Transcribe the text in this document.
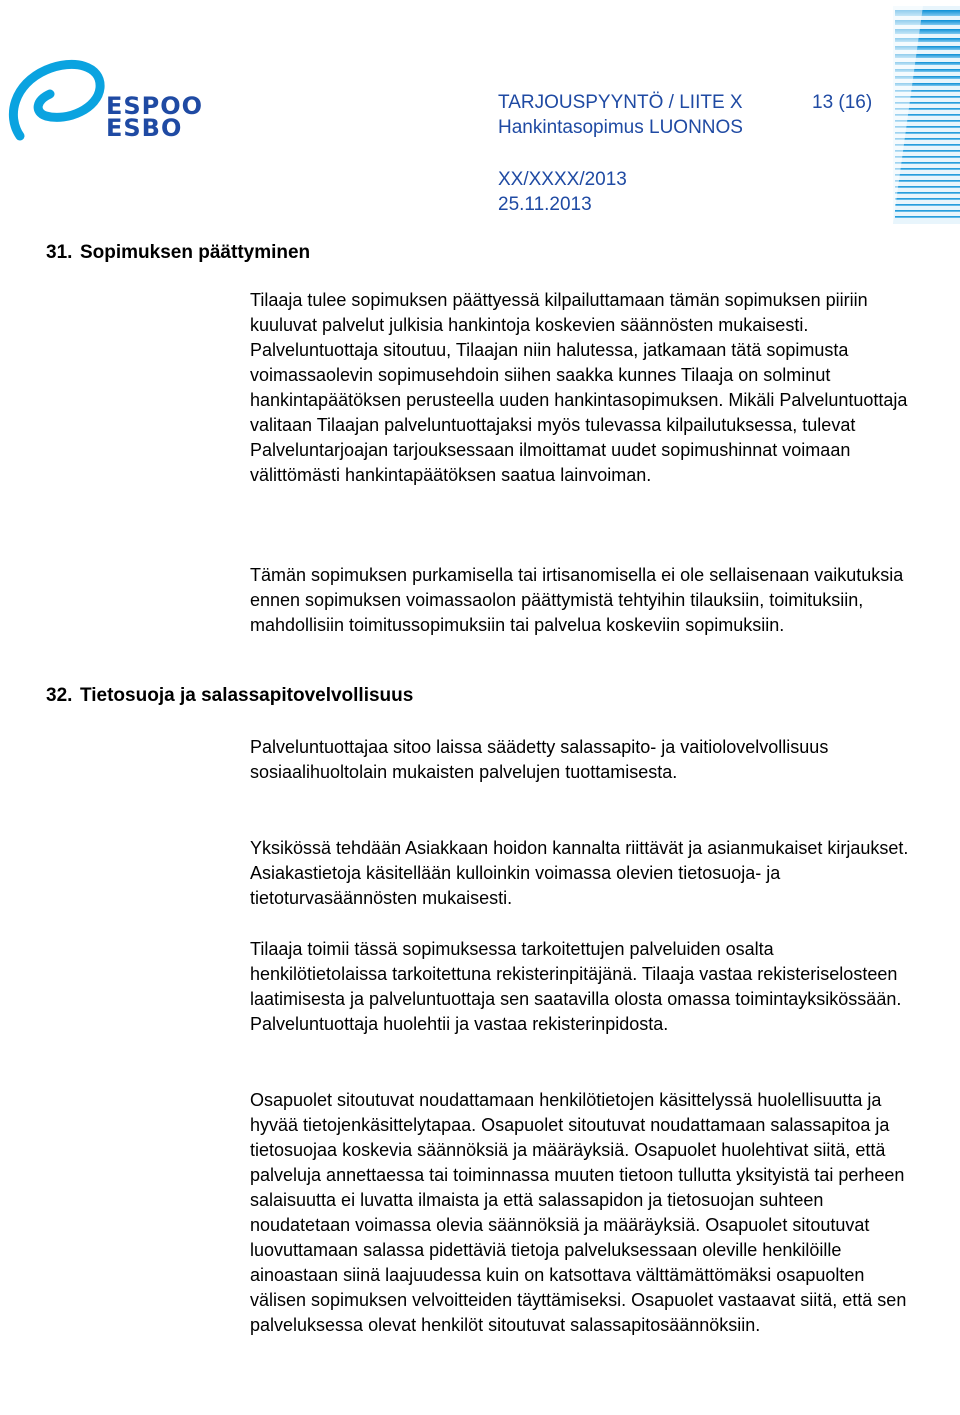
ESPOO
ESBO
TARJOUSPYYNTÖ / LIITE X
Hankintasopimus LUONNOS
13 (16)
XX/XXXX/2013
25.11.2013
31. Sopimuksen päättyminen

Tilaaja tulee sopimuksen päättyessä kilpailuttamaan tämän sopimuksen piiriin kuuluvat palvelut julkisia hankintoja koskevien säännösten mukaisesti. Palveluntuottaja sitoutuu, Tilaajan niin halutessa, jatkamaan tätä sopimusta voimassaolevin sopimusehdoin siihen saakka kunnes Tilaaja on solminut hankintapäätöksen perusteella uuden hankintasopimuksen. Mikäli Palveluntuottaja valitaan Tilaajan palveluntuottajaksi myös tulevassa kilpailutuksessa, tulevat Palveluntarjoajan tarjouksessaan ilmoittamat uudet sopimushinnat voimaan välittömästi hankintapäätöksen saatua lainvoiman.

Tämän sopimuksen purkamisella tai irtisanomisella ei ole sellaisenaan vaikutuksia ennen sopimuksen voimassaolon päättymistä tehtyihin tilauksiin, toimituksiin, mahdollisiin toimitussopimuksiin tai palvelua koskeviin sopimuksiin.

32. Tietosuoja ja salassapitovelvollisuus

Palveluntuottajaa sitoo laissa säädetty salassapito- ja vaitiolovelvollisuus sosiaalihuoltolain mukaisten palvelujen tuottamisesta.

Yksikössä tehdään Asiakkaan hoidon kannalta riittävät ja asianmukaiset kirjaukset. Asiakastietoja käsitellään kulloinkin voimassa olevien tietosuoja- ja tietoturvasäännösten mukaisesti.

Tilaaja toimii tässä sopimuksessa tarkoitettujen palveluiden osalta henkilötietolaissa tarkoitettuna rekisterinpitäjänä. Tilaaja vastaa rekisteriselosteen laatimisesta ja palveluntuottaja sen saatavilla olosta omassa toimintayksikössään. Palveluntuottaja huolehtii ja vastaa rekisterinpidosta.

Osapuolet sitoutuvat noudattamaan henkilötietojen käsittelyssä huolellisuutta ja hyvää tietojenkäsittelytapaa. Osapuolet sitoutuvat noudattamaan salassapitoa ja tietosuojaa koskevia säännöksiä ja määräyksiä. Osapuolet huolehtivat siitä, että palveluja annettaessa tai toiminnassa muuten tietoon tullutta yksityistä tai perheen salaisuutta ei luvatta ilmaista ja että salassapidon ja tietosuojan suhteen noudatetaan voimassa olevia säännöksiä ja määräyksiä. Osapuolet sitoutuvat luovuttamaan salassa pidettäviä tietoja palveluksessaan oleville henkilöille ainoastaan siinä laajuudessa kuin on katsottava välttämättömäksi osapuolten välisen sopimuksen velvoitteiden täyttämiseksi. Osapuolet vastaavat siitä, että sen palveluksessa olevat henkilöt sitoutuvat salassapitosäännöksiin.
